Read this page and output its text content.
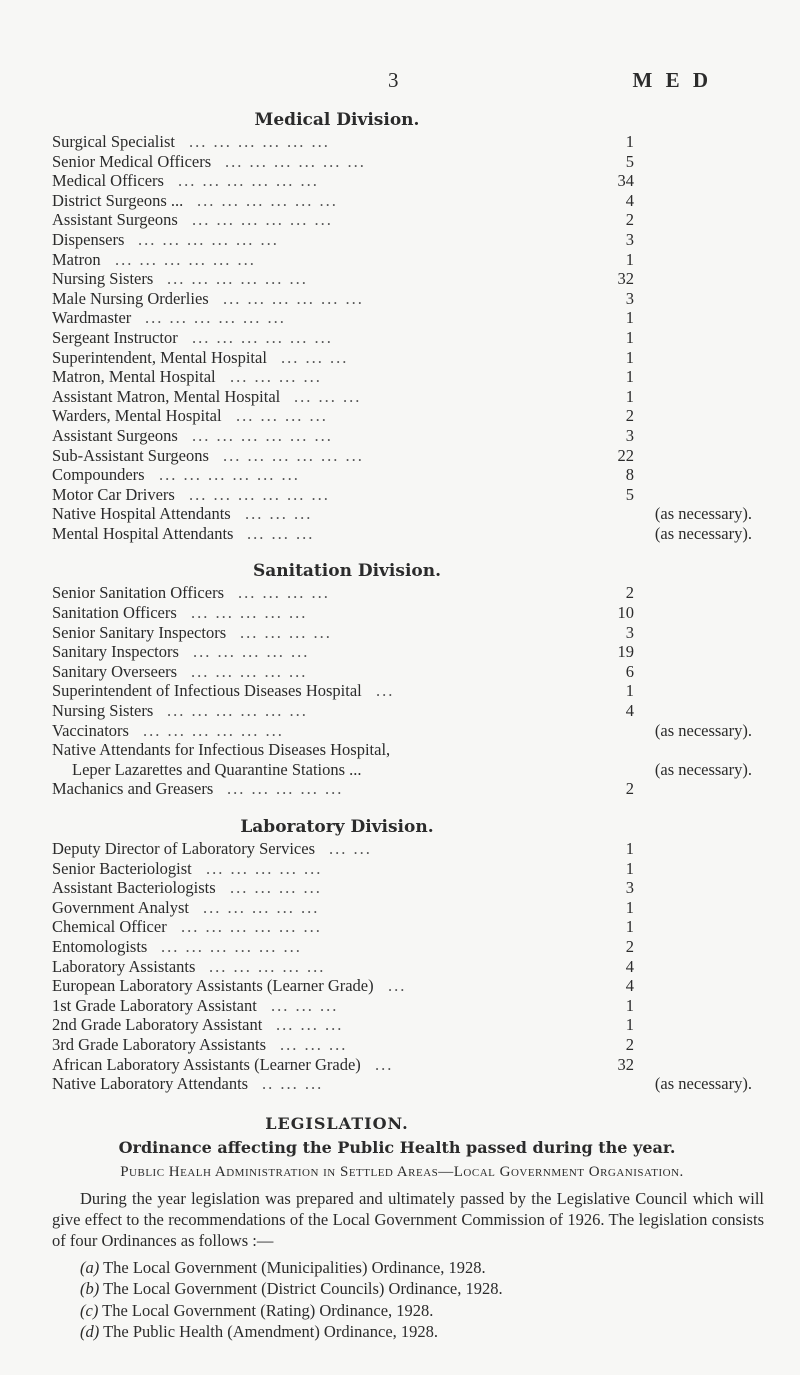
3	M E D
Medical Division.
Surgical Specialist ... ... ... ... ... ...	1
Senior Medical Officers ... ... ... ... ... ...	5
Medical Officers ... ... ... ... ... ...	34
District Surgeons ... ... ... ... ... ... ...	4
Assistant Surgeons ... ... ... ... ... ...	2
Dispensers ... ... ... ... ... ...	3
Matron ... ... ... ... ... ...	1
Nursing Sisters ... ... ... ... ... ...	32
Male Nursing Orderlies ... ... ... ... ... ...	3
Wardmaster ... ... ... ... ... ...	1
Sergeant Instructor ... ... ... ... ... ...	1
Superintendent, Mental Hospital ... ... ...	1
Matron, Mental Hospital ... ... ... ...	1
Assistant Matron, Mental Hospital ... ... ...	1
Warders, Mental Hospital ... ... ... ...	2
Assistant Surgeons ... ... ... ... ... ...	3
Sub-Assistant Surgeons ... ... ... ... ... ...	22
Compounders ... ... ... ... ... ...	8
Motor Car Drivers ... ... ... ... ... ...	5
Native Hospital Attendants ... ... ...	(as necessary).
Mental Hospital Attendants ... ... ...	(as necessary).
Sanitation Division.
Senior Sanitation Officers ... ... ... ...	2
Sanitation Officers ... ... ... ... ...	10
Senior Sanitary Inspectors ... ... ... ...	3
Sanitary Inspectors ... ... ... ... ...	19
Sanitary Overseers ... ... ... ... ...	6
Superintendent of Infectious Diseases Hospital ...	1
Nursing Sisters ... ... ... ... ... ...	4
Vaccinators ... ... ... ... ... ...	(as necessary).
Native Attendants for Infectious Diseases Hospital,
Leper Lazarettes and Quarantine Stations ...	(as necessary).
Machanics and Greasers ... ... ... ... ...	2
Laboratory Division.
Deputy Director of Laboratory Services ... ...	1
Senior Bacteriologist ... ... ... ... ...	1
Assistant Bacteriologists ... ... ... ...	3
Government Analyst ... ... ... ... ...	1
Chemical Officer ... ... ... ... ... ...	1
Entomologists ... ... ... ... ... ...	2
Laboratory Assistants ... ... ... ... ...	4
European Laboratory Assistants (Learner Grade) ...	4
1st Grade Laboratory Assistant ... ... ...	1
2nd Grade Laboratory Assistant ... ... ...	1
3rd Grade Laboratory Assistants ... ... ...	2
African Laboratory Assistants (Learner Grade) ...	32
Native Laboratory Attendants .. ... ...	(as necessary).
LEGISLATION.
Ordinance affecting the Public Health passed during the year.
Public Healh Administration in Settled Areas—Local Government Organisation.
During the year legislation was prepared and ultimately passed by the Legislative Council which will give effect to the recommendations of the Local Government Commission of 1926. The legislation consists of four Ordinances as follows :—
(a) The Local Government (Municipalities) Ordinance, 1928.
(b) The Local Government (District Councils) Ordinance, 1928.
(c) The Local Government (Rating) Ordinance, 1928.
(d) The Public Health (Amendment) Ordinance, 1928.
